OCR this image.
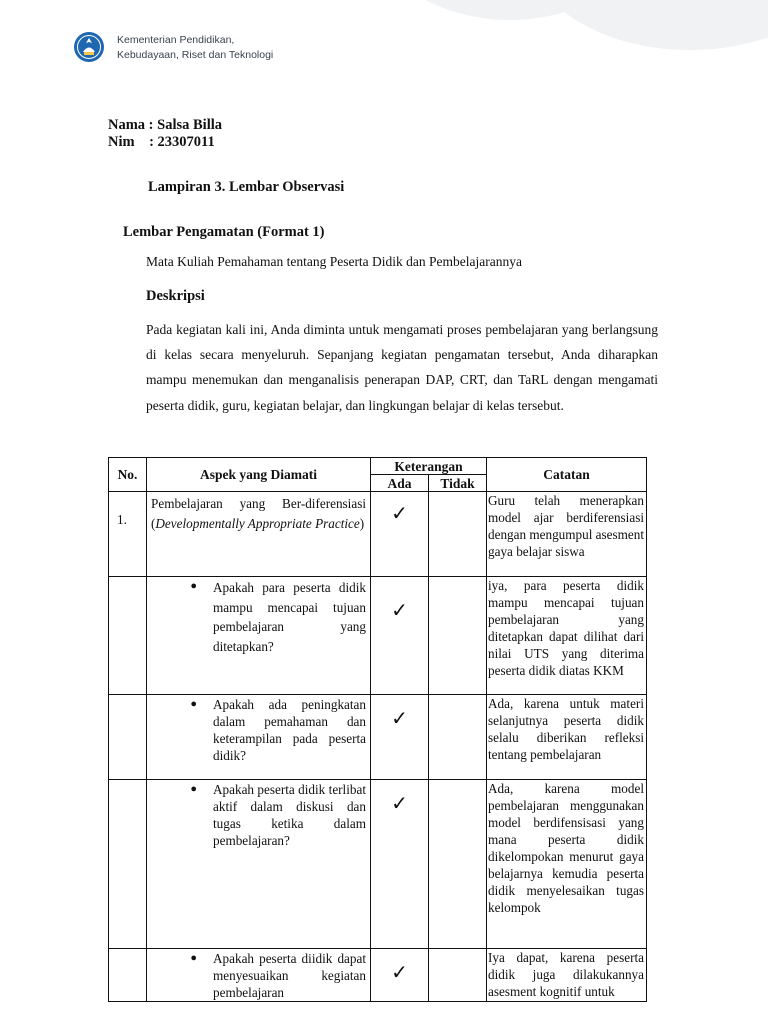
Kementerian Pendidikan,
Kebudayaan, Riset dan Teknologi
Nama : Salsa Billa
Nim    : 23307011
Lampiran 3. Lembar Observasi
Lembar Pengamatan (Format 1)
Mata Kuliah Pemahaman tentang Peserta Didik dan Pembelajarannya
Deskripsi

Pada kegiatan kali ini, Anda diminta untuk mengamati proses pembelajaran yang berlangsung di kelas secara menyeluruh. Sepanjang kegiatan pengamatan tersebut, Anda diharapkan mampu menemukan dan menganalisis penerapan DAP, CRT, dan TaRL dengan mengamati peserta didik, guru, kegiatan belajar, dan lingkungan belajar di kelas tersebut.

No.	Aspek yang Diamati	Keterangan		Catatan
		Ada	Tidak	

1.	Pembelajaran yang Ber-diferensiasi (Developmentally Appropriate Practice)	✓		Guru telah menerapkan model ajar berdiferensiasi dengan mengumpul asesment gaya belajar siswa

	● Apakah para peserta didik mampu mencapai tujuan pembelajaran yang ditetapkan?	✓		iya, para peserta didik mampu mencapai tujuan pembelajaran yang ditetapkan dapat dilihat dari nilai UTS yang diterima peserta didik diatas KKM

	● Apakah ada peningkatan dalam pemahaman dan keterampilan pada peserta didik?	✓		Ada, karena untuk materi selanjutnya peserta didik selalu diberikan refleksi tentang pembelajaran

	● Apakah peserta didik terlibat aktif dalam diskusi dan tugas ketika dalam pembelajaran?	✓		Ada, karena model pembelajaran menggunakan model berdifensisasi yang mana peserta didik dikelompokan menurut gaya belajarnya kemudia peserta didik menyelesaikan tugas kelompok

	● Apakah peserta diidik dapat menyesuaikan kegiatan pembelajaran	✓		Iya dapat, karena peserta didik juga dilakukannya asesment kognitif untuk
